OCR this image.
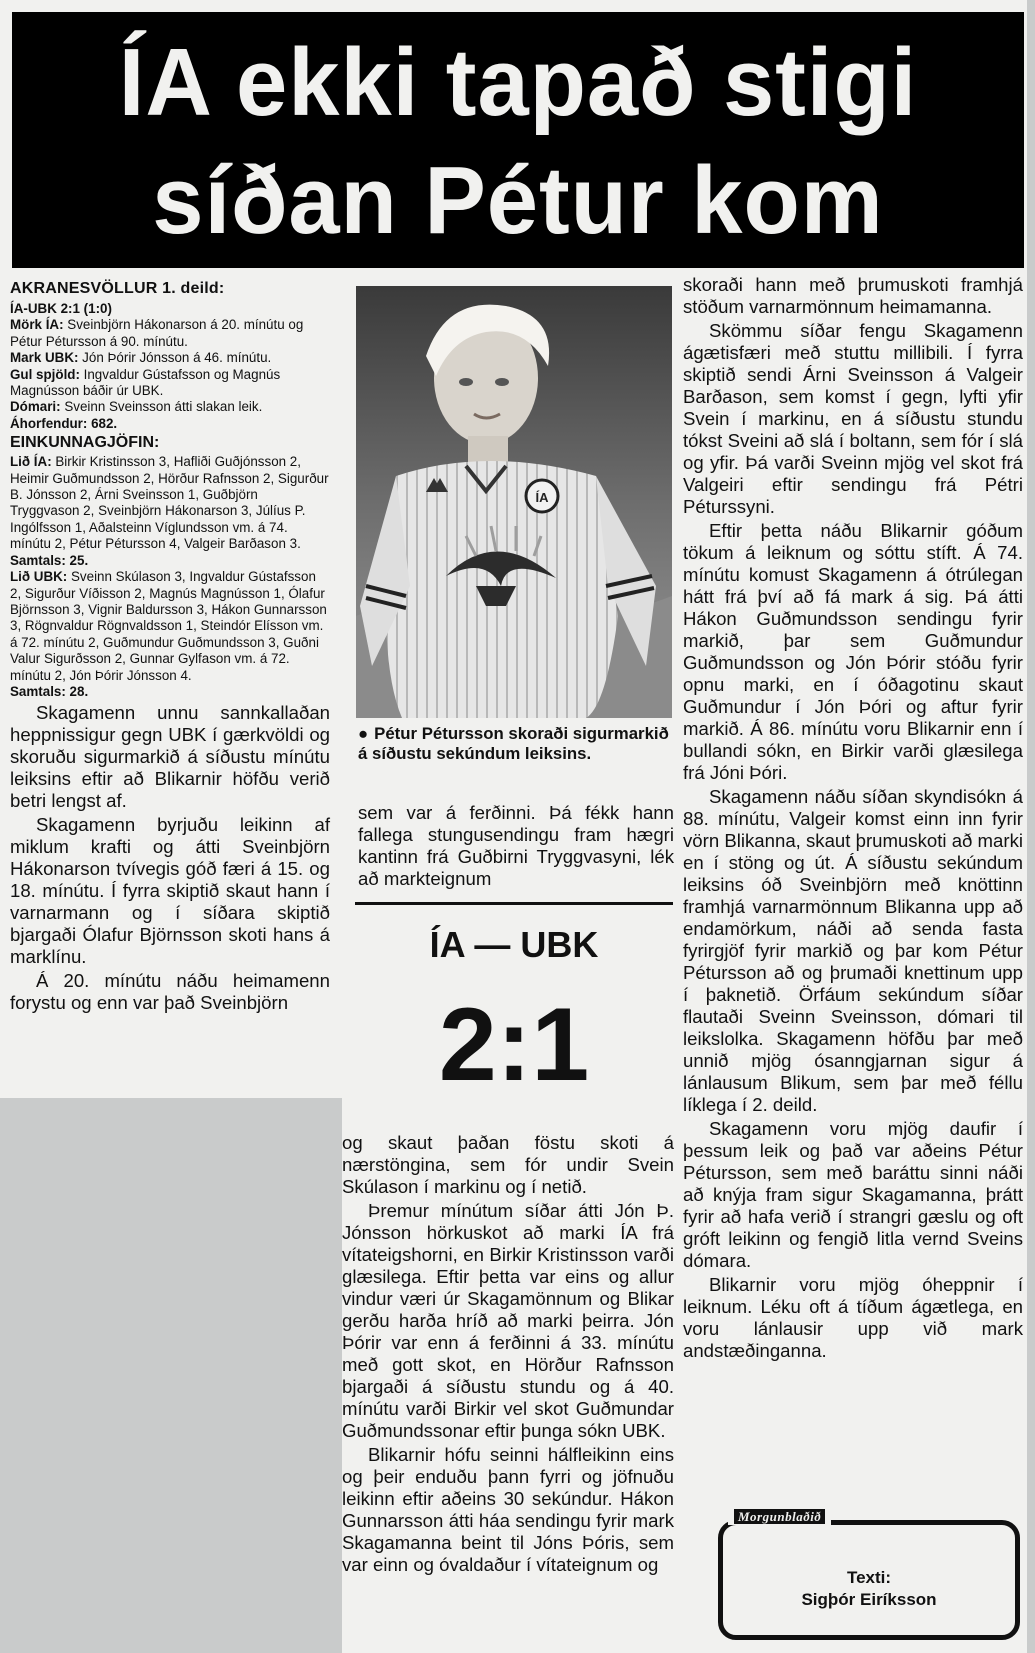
ÍA ekki tapað stigi
síðan Pétur kom

AKRANESVÖLLUR 1. deild:

ÍA-UBK 2:1 (1:0)

Mörk ÍA: Sveinbjörn Hákonarson á 20. mínútu og Pétur Pétursson á 90. mínútu.

Mark UBK: Jón Þórir Jónsson á 46. mínútu.

Gul spjöld: Ingvaldur Gústafsson og Magnús Magnússon báðir úr UBK.

Dómari: Sveinn Sveinsson átti slakan leik.

Áhorfendur: 682.

EINKUNNAGJÖFIN:

Lið ÍA: Birkir Kristinsson 3, Hafliði Guðjónsson 2, Heimir Guðmundsson 2, Hörður Rafnsson 2, Sigurður B. Jónsson 2, Árni Sveinsson 1, Guðbjörn Tryggvason 2, Sveinbjörn Hákonarson 3, Júlíus P. Ingólfsson 1, Aðalsteinn Víglundsson vm. á 74. mínútu 2, Pétur Pétursson 4, Valgeir Barðason 3.

Samtals: 25.

Lið UBK: Sveinn Skúlason 3, Ingvaldur Gústafsson 2, Sigurður Víðisson 2, Magnús Magnússon 1, Ólafur Björnsson 3, Vignir Baldursson 3, Hákon Gunnarsson 3, Rögnvaldur Rögnvaldsson 1, Steindór Elísson vm. á 72. mínútu 2, Guðmundur Guðmundsson 3, Guðni Valur Sigurðsson 2, Gunnar Gylfason vm. á 72. mínútu 2, Jón Þórir Jónsson 4.

Samtals: 28.

Skagamenn unnu sannkallaðan heppnissigur gegn UBK í gærkvöldi og skoruðu sigurmarkið á síðustu mínútu leiksins eftir að Blikarnir höfðu verið betri lengst af.

Skagamenn byrjuðu leikinn af miklum krafti og átti Sveinbjörn Hákonarson tvívegis góð færi á 15. og 18. mínútu. Í fyrra skiptið skaut hann í varnarmann og í síðara skiptið bjargaði Ólafur Björnsson skoti hans á marklínu.

Á 20. mínútu náðu heimamenn forystu og enn var það Sveinbjörn

ÍA

● Pétur Pétursson skoraði sigurmarkið á síðustu sekúndum leiksins.

sem var á ferðinni. Þá fékk hann fallega stungusendingu fram hægri kantinn frá Guðbirni Tryggvasyni, lék að markteignum

ÍA — UBK
2:1

og skaut þaðan föstu skoti á nærstöngina, sem fór undir Svein Skúlason í markinu og í netið.

Þremur mínútum síðar átti Jón Þ. Jónsson hörkuskot að marki ÍA frá vítateigshorni, en Birkir Kristinsson varði glæsilega. Eftir þetta var eins og allur vindur væri úr Skagamönnum og Blikar gerðu harða hríð að marki þeirra. Jón Þórir var enn á ferðinni á 33. mínútu með gott skot, en Hörður Rafnsson bjargaði á síðustu stundu og á 40. mínútu varði Birkir vel skot Guðmundar Guðmundssonar eftir þunga sókn UBK.

Blikarnir hófu seinni hálfleikinn eins og þeir enduðu þann fyrri og jöfnuðu leikinn eftir aðeins 30 sekúndur. Hákon Gunnarsson átti háa sendingu fyrir mark Skagamanna beint til Jóns Þóris, sem var einn og óvaldaður í vítateignum og

skoraði hann með þrumuskoti framhjá stöðum varnarmönnum heimamanna.

Skömmu síðar fengu Skagamenn ágætisfæri með stuttu millibili. Í fyrra skiptið sendi Árni Sveinsson á Valgeir Barðason, sem komst í gegn, lyfti yfir Svein í markinu, en á síðustu stundu tókst Sveini að slá í boltann, sem fór í slá og yfir. Þá varði Sveinn mjög vel skot frá Valgeiri eftir sendingu frá Pétri Péturssyni.

Eftir þetta náðu Blikarnir góðum tökum á leiknum og sóttu stíft. Á 74. mínútu komust Skagamenn á ótrúlegan hátt frá því að fá mark á sig. Þá átti Hákon Guðmundsson sendingu fyrir markið, þar sem Guðmundur Guðmundsson og Jón Þórir stóðu fyrir opnu marki, en í óðagotinu skaut Guðmundur í Jón Þóri og aftur fyrir markið. Á 86. mínútu voru Blikarnir enn í bullandi sókn, en Birkir varði glæsilega frá Jóni Þóri.

Skagamenn náðu síðan skyndisókn á 88. mínútu, Valgeir komst einn inn fyrir vörn Blikanna, skaut þrumuskoti að marki en í stöng og út. Á síðustu sekúndum leiksins óð Sveinbjörn með knöttinn framhjá varnarmönnum Blikanna upp að endamörkum, náði að senda fasta fyrirgjöf fyrir markið og þar kom Pétur Pétursson að og þrumaði knettinum upp í þaknetið. Örfáum sekúndum síðar flautaði Sveinn Sveinsson, dómari til leikslolka. Skagamenn höfðu þar með unnið mjög ósanngjarnan sigur á lánlausum Blikum, sem þar með féllu líklega í 2. deild.

Skagamenn voru mjög daufir í þessum leik og það var aðeins Pétur Pétursson, sem með baráttu sinni náði að knýja fram sigur Skagamanna, þrátt fyrir að hafa verið í strangri gæslu og oft gróft leikinn og fengið litla vernd Sveins dómara.

Blikarnir voru mjög óheppnir í leiknum. Léku oft á tíðum ágætlega, en voru lánlausir upp við mark andstæðinganna.

Morgunblaðið
Texti:
Sigþór Eiríksson
